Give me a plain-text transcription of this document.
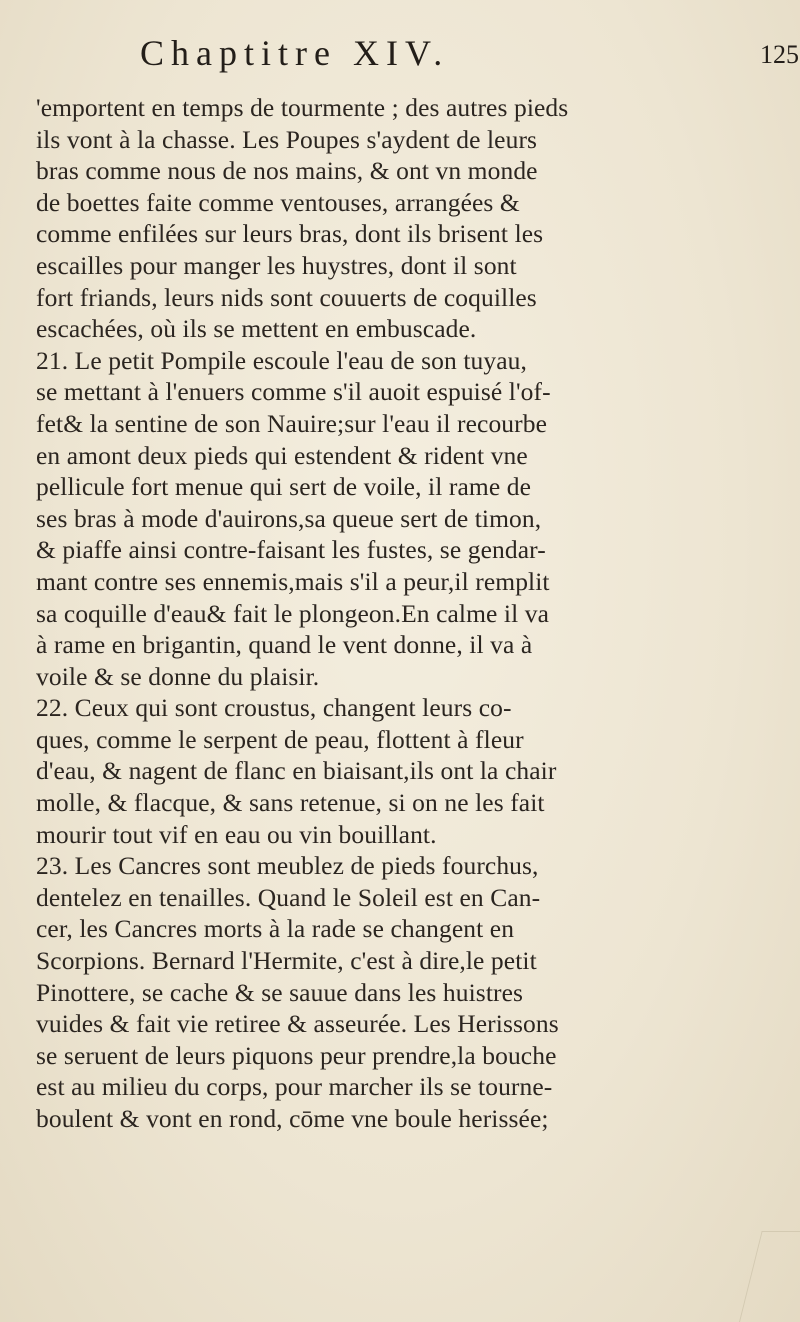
Chaptitre XIV.	125
'emportent en temps de tourmente ; des autres pieds
ils vont à la chasse. Les Poupes s'aydent de leurs
bras comme nous de nos mains, & ont vn monde
de boettes faite comme ventouses, arrangées &
comme enfilées sur leurs bras, dont ils brisent les
escailles pour manger les huystres, dont il sont
fort friands, leurs nids sont couuerts de coquilles
escachées, où ils se mettent en embuscade.
21. Le petit Pompile escoule l'eau de son tuyau,
se mettant à l'enuers comme s'il auoit espuisé l'of-
fet& la sentine de son Nauire;sur l'eau il recourbe
en amont deux pieds qui estendent & rident vne
pellicule fort menue qui sert de voile, il rame de
ses bras à mode d'auirons,sa queue sert de timon,
& piaffe ainsi contre-faisant les fustes, se gendar-
mant contre ses ennemis,mais s'il a peur,il remplit
sa coquille d'eau& fait le plongeon.En calme il va
à rame en brigantin, quand le vent donne, il va à
voile & se donne du plaisir.
22. Ceux qui sont croustus, changent leurs co-
ques, comme le serpent de peau, flottent à fleur
d'eau, & nagent de flanc en biaisant,ils ont la chair
molle, & flacque, & sans retenue, si on ne les fait
mourir tout vif en eau ou vin bouillant.
23. Les Cancres sont meublez de pieds fourchus,
dentelez en tenailles. Quand le Soleil est en Can-
cer, les Cancres morts à la rade se changent en
Scorpions. Bernard l'Hermite, c'est à dire,le petit
Pinottere, se cache & se sauue dans les huistres
vuides & fait vie retiree & asseurée. Les Herissons
se seruent de leurs piquons peur prendre,la bouche
est au milieu du corps, pour marcher ils se tourne-
boulent & vont en rond, cōme vne boule herissée;
